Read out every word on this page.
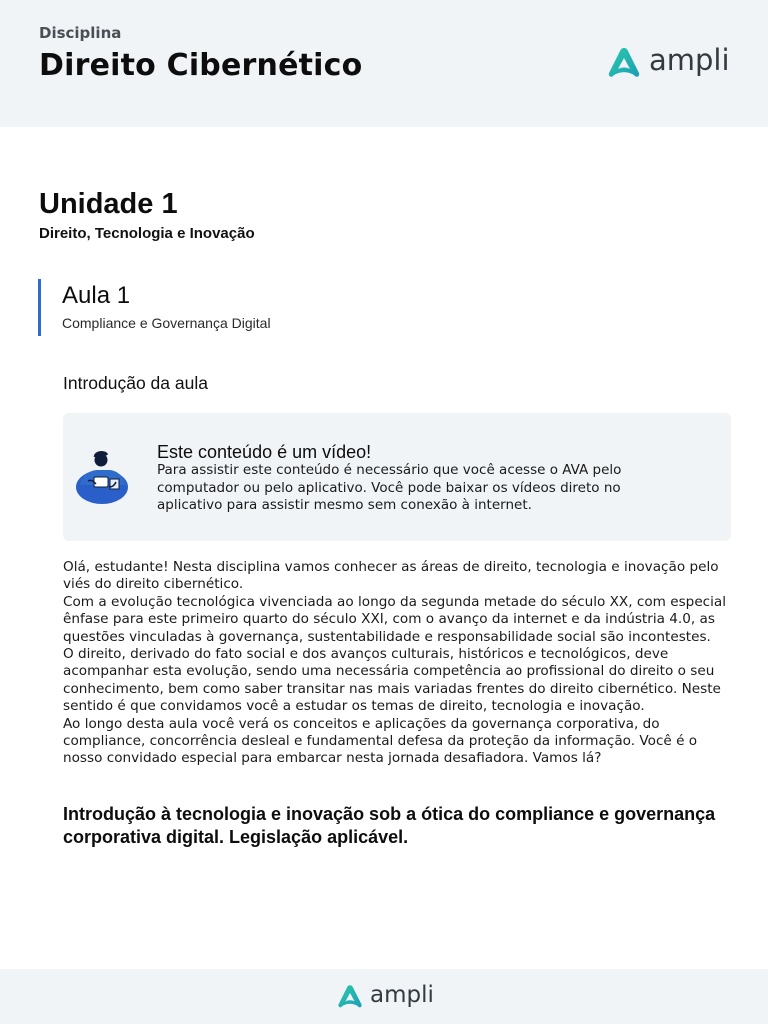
Disciplina
Direito Cibernético	ampli
Unidade 1
Direito, Tecnologia e Inovação
Aula 1
Compliance e Governança Digital
Introdução da aula
Este conteúdo é um vídeo!
Para assistir este conteúdo é necessário que você acesse o AVA pelo computador ou pelo aplicativo. Você pode baixar os vídeos direto no aplicativo para assistir mesmo sem conexão à internet.

Olá, estudante! Nesta disciplina vamos conhecer as áreas de direito, tecnologia e inovação pelo viés do direito cibernético.

Com a evolução tecnológica vivenciada ao longo da segunda metade do século XX, com especial ênfase para este primeiro quarto do século XXI, com o avanço da internet e da indústria 4.0, as questões vinculadas à governança, sustentabilidade e responsabilidade social são incontestes.

O direito, derivado do fato social e dos avanços culturais, históricos e tecnológicos, deve acompanhar esta evolução, sendo uma necessária competência ao profissional do direito o seu conhecimento, bem como saber transitar nas mais variadas frentes do direito cibernético. Neste sentido é que convidamos você a estudar os temas de direito, tecnologia e inovação.

Ao longo desta aula você verá os conceitos e aplicações da governança corporativa, do compliance, concorrência desleal e fundamental defesa da proteção da informação. Você é o nosso convidado especial para embarcar nesta jornada desafiadora. Vamos lá?

Introdução à tecnologia e inovação sob a ótica do compliance e governança corporativa digital. Legislação aplicável.
ampli
